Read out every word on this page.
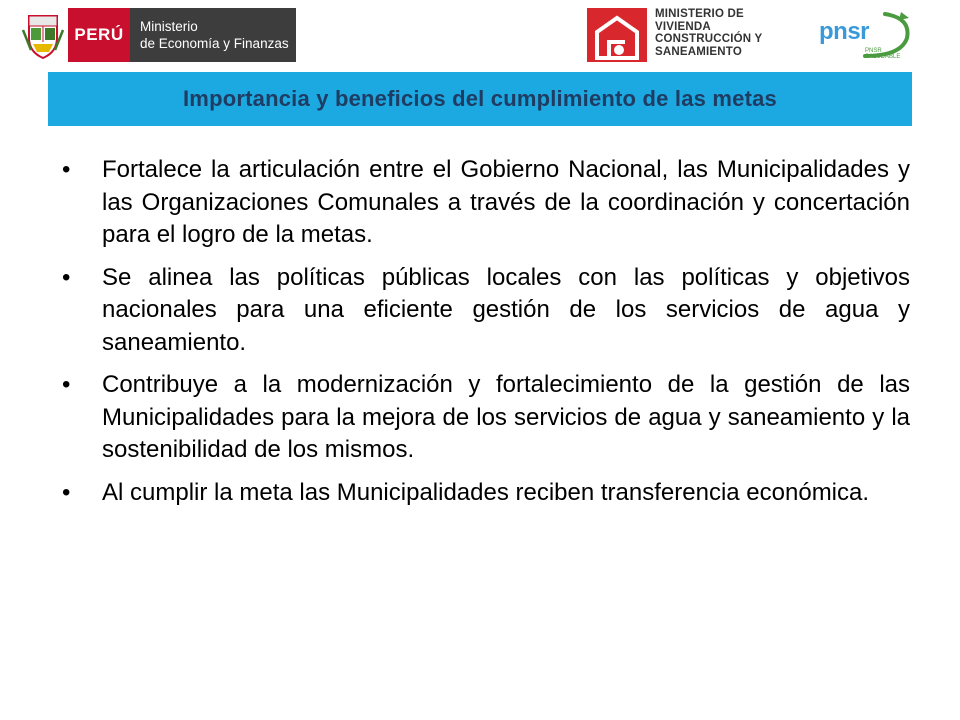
PERÚ	Ministerio
de Economía y Finanzas
MINISTERIO DE
VIVIENDA
CONSTRUCCIÓN Y
SANEAMIENTO
pnsr
PNSR SALUDABLE
Importancia y beneficios del cumplimiento de las metas
•	Fortalece la articulación entre el Gobierno Nacional, las Municipalidades y las Organizaciones Comunales a través de la coordinación y concertación para el logro de la metas.
•	Se alinea las políticas públicas locales con las políticas y objetivos nacionales para una eficiente gestión de los servicios de agua y saneamiento.
•	Contribuye a la modernización y fortalecimiento de la gestión de las Municipalidades para la mejora de los servicios de agua y saneamiento y la sostenibilidad de los mismos.
•	Al cumplir la meta las Municipalidades reciben transferencia económica.
